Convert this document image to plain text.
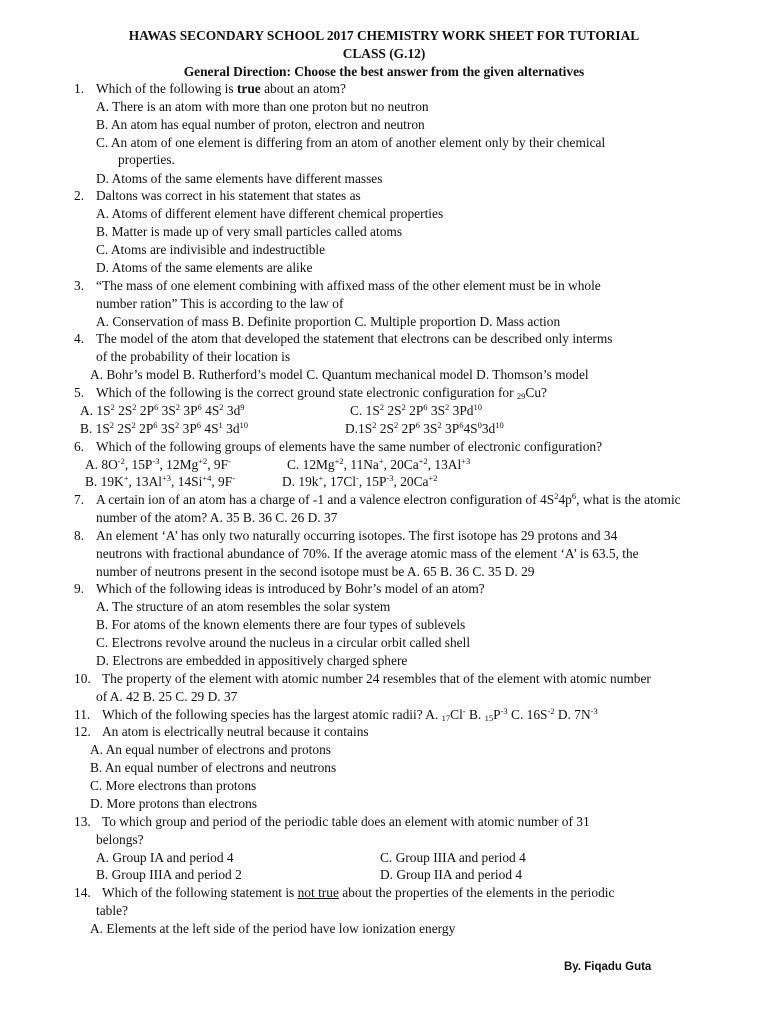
HAWAS SECONDARY SCHOOL 2017 CHEMISTRY WORK SHEET FOR TUTORIAL
CLASS (G.12)
General Direction: Choose the best answer from the given alternatives
1. Which of the following is true about an atom?
A. There is an atom with more than one proton but no neutron
B. An atom has equal number of proton, electron and neutron
C. An atom of one element is differing from an atom of another element only by their chemical
properties.
D. Atoms of the same elements have different masses
2. Daltons was correct in his statement that states as
A. Atoms of different element have different chemical properties
B. Matter is made up of very small particles called atoms
C. Atoms are indivisible and indestructible
D. Atoms of the same elements are alike
3. “The mass of one element combining with affixed mass of the other element must be in whole
number ration” This is according to the law of
A. Conservation of mass B. Definite proportion C. Multiple proportion D. Mass action
4. The model of the atom that developed the statement that electrons can be described only interms
of the probability of their location is
A. Bohr’s model B. Rutherford’s model C. Quantum mechanical model D. Thomson’s model
5. Which of the following is the correct ground state electronic configuration for $_{29}$Cu?
A. $1S^2$ $2S^2$ $2P^6$ $3S^2$ $3P^6$ $4S^2$ $3d^9$	C. $1S^2$ $2S^2$ $2P^6$ $3S^2$ 3Pd$^{10}$
B. $1S^2$ $2S^2$ $2P^6$ $3S^2$ $3P^6$ $4S^1$ $3d^{10}$	$D.1S^2$ $2S^2$ $2P^6$ $3S^2$ $3P^64S^03d^{10}$
6. Which of the following groups of elements have the same number of electronic configuration?
A. $8O^{-2}$, $15P^{-3}$, $12Mg^{+2}$, 9F-	C. $12Mg^{+2}$, 11Na+, $20Ca^{+2}$, $13Al^{+3}$
B. 19K+, $13Al^{+3}$, $14Si^{+4}$, 9F-	D. 19k+, 17Cl-, $15P^{-3}$, $20Ca^{+2}$
7. A certain ion of an atom has a charge of -1 and a valence electron configuration of $4S^24p^6$, what is the atomic
number of the atom? A. 35 B. 36 C. 26 D. 37
8. An element ‘A’ has only two naturally occurring isotopes. The first isotope has 29 protons and 34
neutrons with fractional abundance of 70%. If the average atomic mass of the element ‘A’ is 63.5, the
number of neutrons present in the second isotope must be A. 65 B. 36 C. 35 D. 29
9. Which of the following ideas is introduced by Bohr’s model of an atom?
A. The structure of an atom resembles the solar system
B. For atoms of the known elements there are four types of sublevels
C. Electrons revolve around the nucleus in a circular orbit called shell
D. Electrons are embedded in appositively charged sphere
10. The property of the element with atomic number 24 resembles that of the element with atomic number
of A. 42 B. 25 C. 29 D. 37
11. Which of the following species has the largest atomic radii? A. $_{17}$Cl- B. $_{15}P^{-3}$ C. $16S^{-2}$ D. $7N^{-3}$
12. An atom is electrically neutral because it contains
A. An equal number of electrons and protons
B. An equal number of electrons and neutrons
C. More electrons than protons
D. More protons than electrons
13. To which group and period of the periodic table does an element with atomic number of 31
belongs?
A. Group IA and period 4	C. Group IIIA and period 4
B. Group IIIA and period 2	D. Group IIA and period 4
14. Which of the following statement is not true about the properties of the elements in the periodic
table?
A. Elements at the left side of the period have low ionization energy
By. Fiqadu Guta
